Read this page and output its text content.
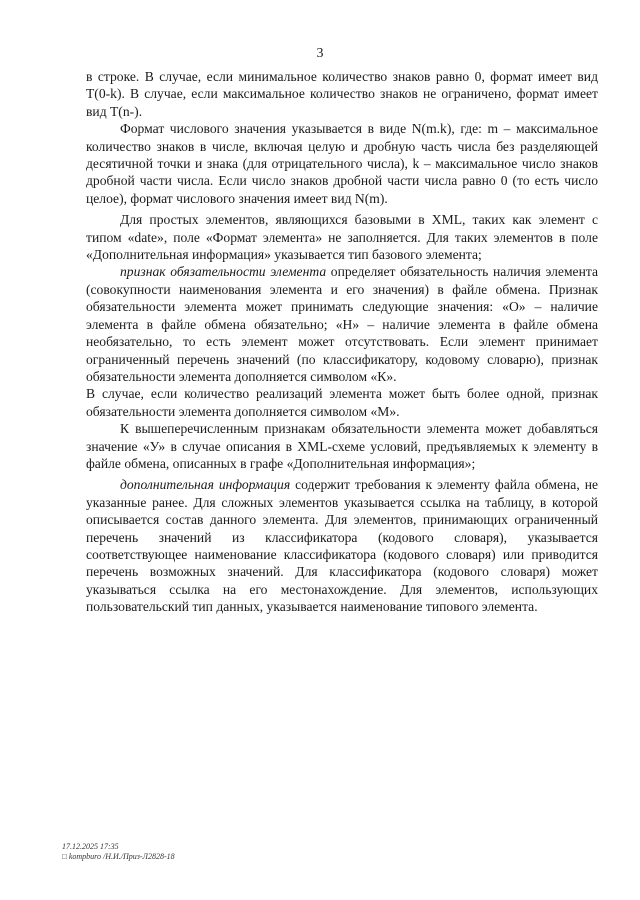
3

в строке. В случае, если минимальное количество знаков равно 0, формат имеет вид T(0-k). В случае, если максимальное количество знаков не ограничено, формат имеет вид T(n-).

Формат числового значения указывается в виде N(m.k), где: m – максимальное количество знаков в числе, включая целую и дробную часть числа без разделяющей десятичной точки и знака (для отрицательного числа), k – максимальное число знаков дробной части числа. Если число знаков дробной части числа равно 0 (то есть число целое), формат числового значения имеет вид N(m).

Для простых элементов, являющихся базовыми в XML, таких как элемент с типом «date», поле «Формат элемента» не заполняется. Для таких элементов в поле «Дополнительная информация» указывается тип базового элемента;

признак обязательности элемента определяет обязательность наличия элемента (совокупности наименования элемента и его значения) в файле обмена. Признак обязательности элемента может принимать следующие значения: «О» – наличие элемента в файле обмена обязательно; «Н» – наличие элемента в файле обмена необязательно, то есть элемент может отсутствовать. Если элемент принимает ограниченный перечень значений (по классификатору, кодовому словарю), признак обязательности элемента дополняется символом «К».

В случае, если количество реализаций элемента может быть более одной, признак обязательности элемента дополняется символом «М».

К вышеперечисленным признакам обязательности элемента может добавляться значение «У» в случае описания в XML-схеме условий, предъявляемых к элементу в файле обмена, описанных в графе «Дополнительная информация»;

дополнительная информация содержит требования к элементу файла обмена, не указанные ранее. Для сложных элементов указывается ссылка на таблицу, в которой описывается состав данного элемента. Для элементов, принимающих ограниченный перечень значений из классификатора (кодового словаря), указывается соответствующее наименование классификатора (кодового словаря) или приводится перечень возможных значений. Для классификатора (кодового словаря) может указываться ссылка на его местонахождение. Для элементов, использующих пользовательский тип данных, указывается наименование типового элемента.

17.12.2025 17:35
□ kompburo /Н.И./Приз-Л2828-18
